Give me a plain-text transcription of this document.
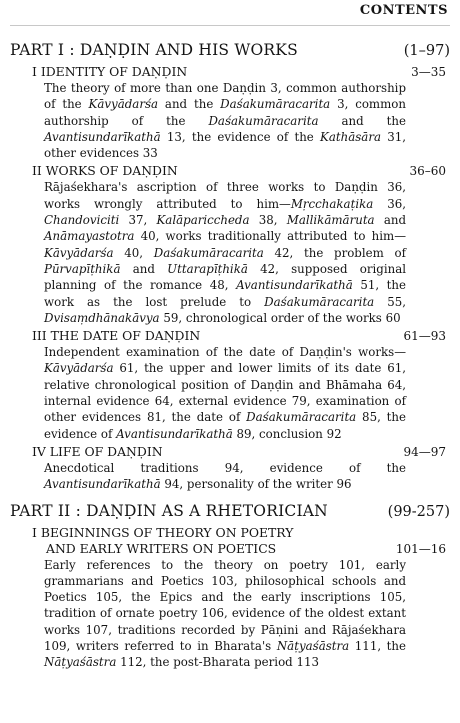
CONTENTS
PART I : DAṆḌIN AND HIS WORKS	(1–97)
I IDENTITY OF DAṆḌIN	3—35

The theory of more than one Daṇḍin 3, common authorship of the Kāvyādarśa and the Daśakumāracarita 3, common authorship of the Daśakumāracarita and the Avantisundarīkathā 13, the evidence of the Kathāsāra 31, other evidences 33

II WORKS OF DAṆḌIN	36–60

Rājaśekhara's ascription of three works to Daṇḍin 36, works wrongly attributed to him—Mṛcchakaṭika 36, Chandoviciti 37, Kalāpariccheda 38, Mallikāmāruta and Anāmayastotra 40, works traditionally attributed to him—Kāvyādarśa 40, Daśakumāracarita 42, the problem of Pūrvapīṭhikā and Uttarapīṭhikā 42, supposed original planning of the romance 48, Avantisundarīkathā 51, the work as the lost prelude to Daśakumāracarita 55, Dvisaṃdhānakāvya 59, chronological order of the works 60

III THE DATE OF DAṆḌIN	61—93

Independent examination of the date of Daṇḍin's works—Kāvyādarśa 61, the upper and lower limits of its date 61, relative chronological position of Daṇḍin and Bhāmaha 64, internal evidence 64, external evidence 79, examination of other evidences 81, the date of Daśakumāracarita 85, the evidence of Avantisundarīkathā 89, conclusion 92

IV LIFE OF DAṆḌIN	94—97

Anecdotical traditions 94, evidence of the Avantisundarīkathā 94, personality of the writer 96

PART II : DAṆḌIN AS A RHETORICIAN	(99-257)
I BEGINNINGS OF THEORY ON POETRY
AND EARLY WRITERS ON POETICS	101—16

Early references to the theory on poetry 101, early grammarians and Poetics 103, philosophical schools and Poetics 105, the Epics and the early inscriptions 105, tradition of ornate poetry 106, evidence of the oldest extant works 107, traditions recorded by Pāṇini and Rājaśekhara 109, writers referred to in Bharata's Nāṭyaśāstra 111, the Nāṭyaśāstra 112, the post-Bharata period 113
